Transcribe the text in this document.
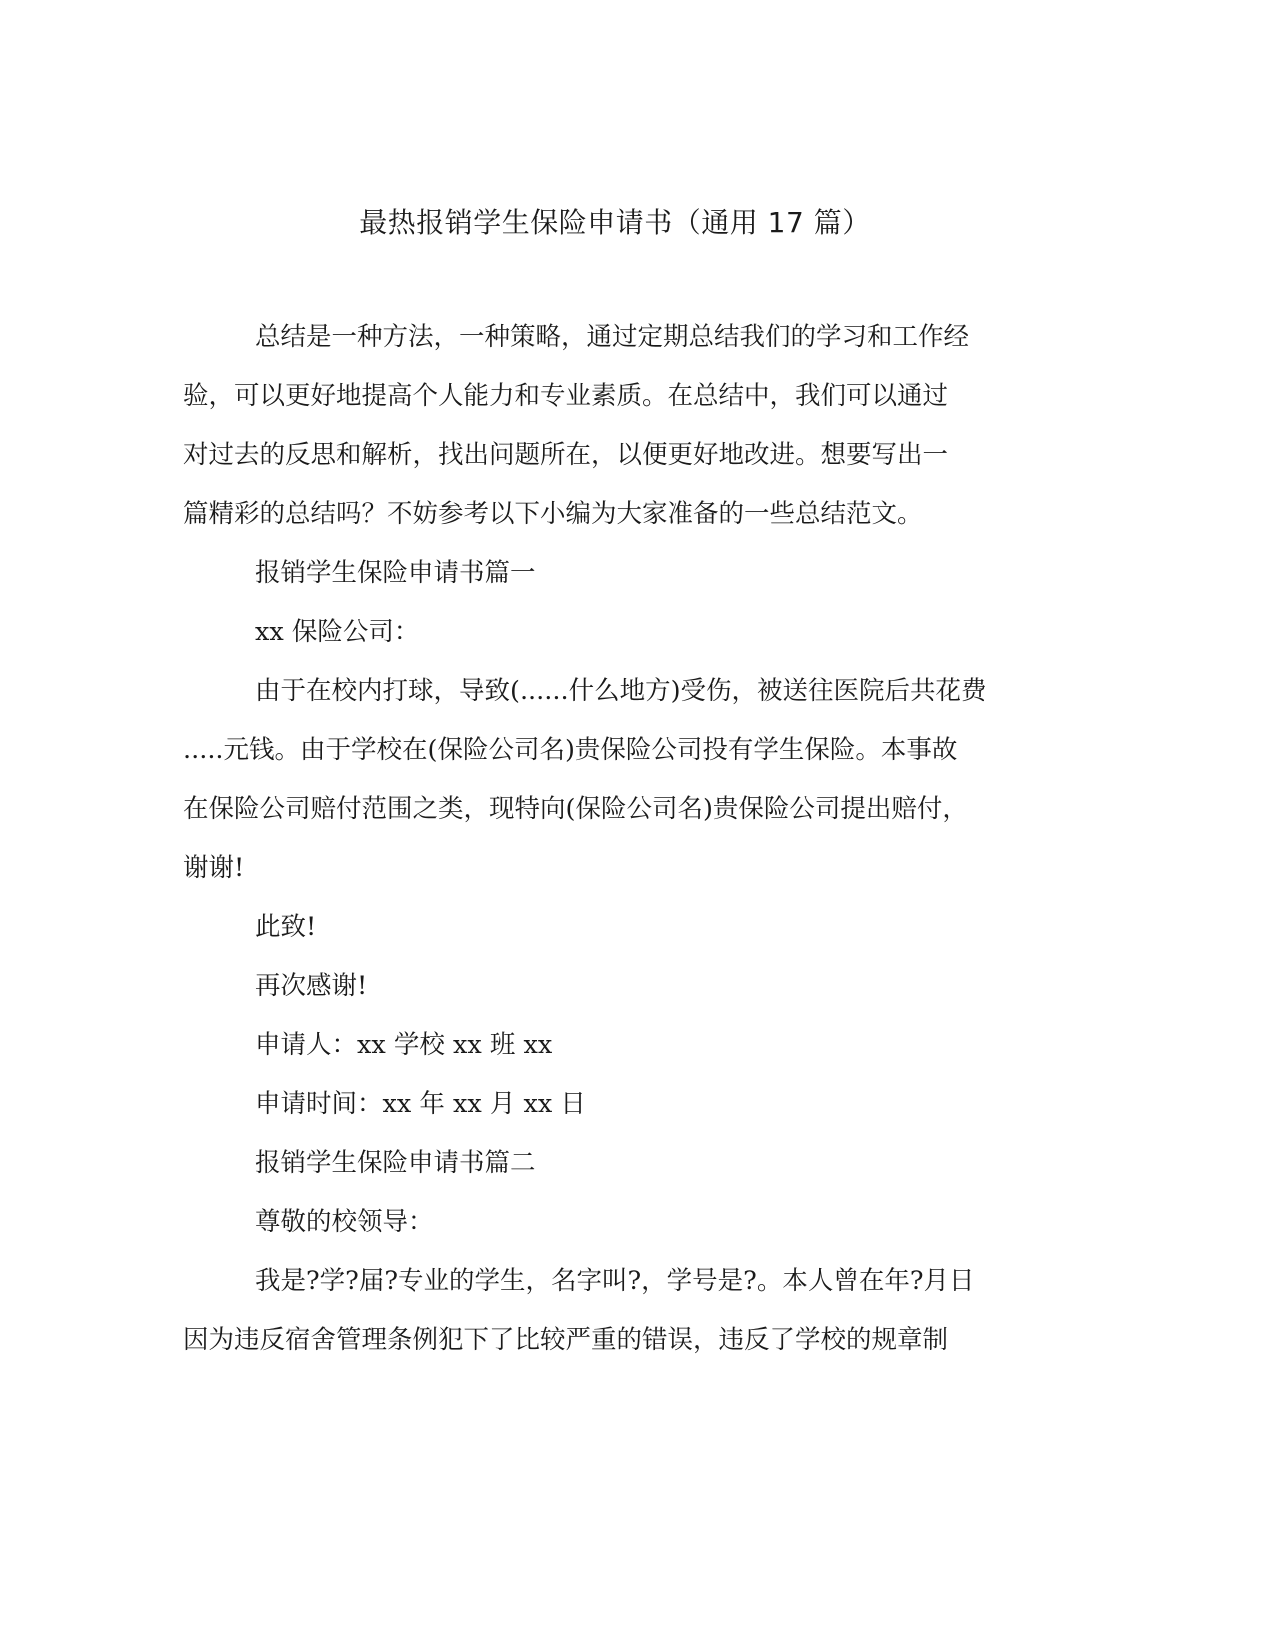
最热报销学生保险申请书（通用 17 篇）

总结是一种方法，一种策略，通过定期总结我们的学习和工作经

验，可以更好地提高个人能力和专业素质。在总结中，我们可以通过

对过去的反思和解析，找出问题所在，以便更好地改进。想要写出一

篇精彩的总结吗？不妨参考以下小编为大家准备的一些总结范文。

报销学生保险申请书篇一

xx 保险公司：

由于在校内打球，导致(......什么地方)受伤，被送往医院后共花费

.....元钱。由于学校在(保险公司名)贵保险公司投有学生保险。本事故

在保险公司赔付范围之类，现特向(保险公司名)贵保险公司提出赔付，

谢谢!

此致!

再次感谢!

申请人：xx 学校 xx 班 xx

申请时间：xx 年 xx 月 xx 日

报销学生保险申请书篇二

尊敬的校领导：

我是?学?届?专业的学生，名字叫?，学号是?。本人曾在年?月日

因为违反宿舍管理条例犯下了比较严重的错误，违反了学校的规章制
